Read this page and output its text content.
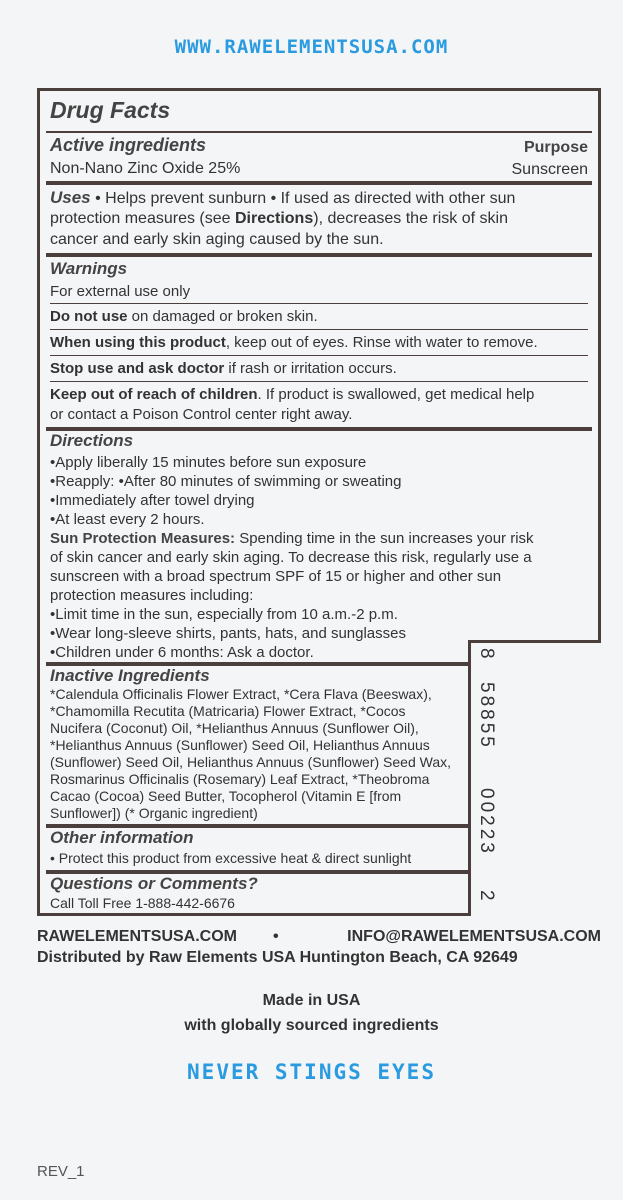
WWW.RAWELEMENTSUSA.COM
Drug Facts
Active ingredients	Purpose
Non-Nano Zinc Oxide 25%	Sunscreen
Uses • Helps prevent sunburn • If used as directed with other sun
protection measures (see Directions), decreases the risk of skin
cancer and early skin aging caused by the sun.
Warnings
For external use only
Do not use on damaged or broken skin.
When using this product, keep out of eyes. Rinse with water to remove.
Stop use and ask doctor if rash or irritation occurs.
Keep out of reach of children. If product is swallowed, get medical help
or contact a Poison Control center right away.
Directions
•Apply liberally 15 minutes before sun exposure
•Reapply: •After 80 minutes of swimming or sweating
•Immediately after towel drying
•At least every 2 hours.
Sun Protection Measures: Spending time in the sun increases your risk
of skin cancer and early skin aging. To decrease this risk, regularly use a
sunscreen with a broad spectrum SPF of 15 or higher and other sun
protection measures including:
•Limit time in the sun, especially from 10 a.m.-2 p.m.
•Wear long-sleeve shirts, pants, hats, and sunglasses
•Children under 6 months: Ask a doctor.
Inactive Ingredients
*Calendula Officinalis Flower Extract, *Cera Flava (Beeswax),
*Chamomilla Recutita (Matricaria) Flower Extract, *Cocos
Nucifera (Coconut) Oil, *Helianthus Annuus (Sunflower Oil),
*Helianthus Annuus (Sunflower) Seed Oil, Helianthus Annuus
(Sunflower) Seed Oil, Helianthus Annuus (Sunflower) Seed Wax,
Rosmarinus Officinalis (Rosemary) Leaf Extract, *Theobroma
Cacao (Cocoa) Seed Butter, Tocopherol (Vitamin E [from
Sunflower]) (* Organic ingredient)
Other information
• Protect this product from excessive heat & direct sunlight
Questions or Comments?
Call Toll Free 1-888-442-6676
8
58855
00223
2
RAWELEMENTSUSA.COM •	INFO@RAWELEMENTSUSA.COM
Distributed by Raw Elements USA Huntington Beach, CA 92649
Made in USA
with globally sourced ingredients
NEVER STINGS EYES
REV_1
